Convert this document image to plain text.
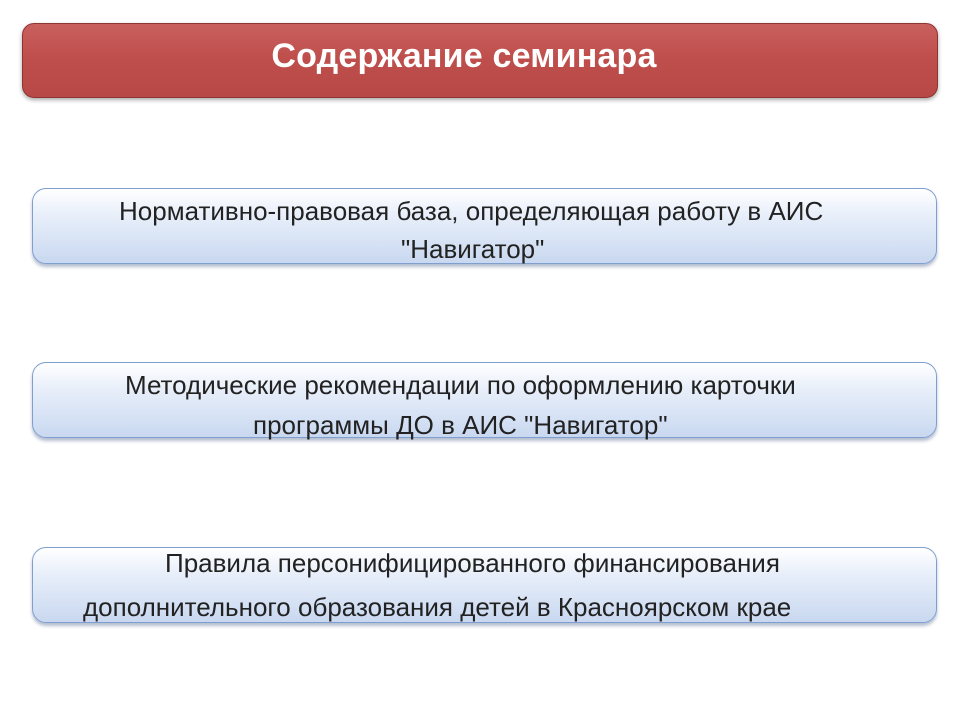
Содержание семинара
Нормативно-правовая база, определяющая работу в АИС
"Навигатор"
Методические рекомендации по оформлению карточки
программы ДО в АИС "Навигатор"
Правила персонифицированного финансирования
дополнительного образования детей в Красноярском крае
